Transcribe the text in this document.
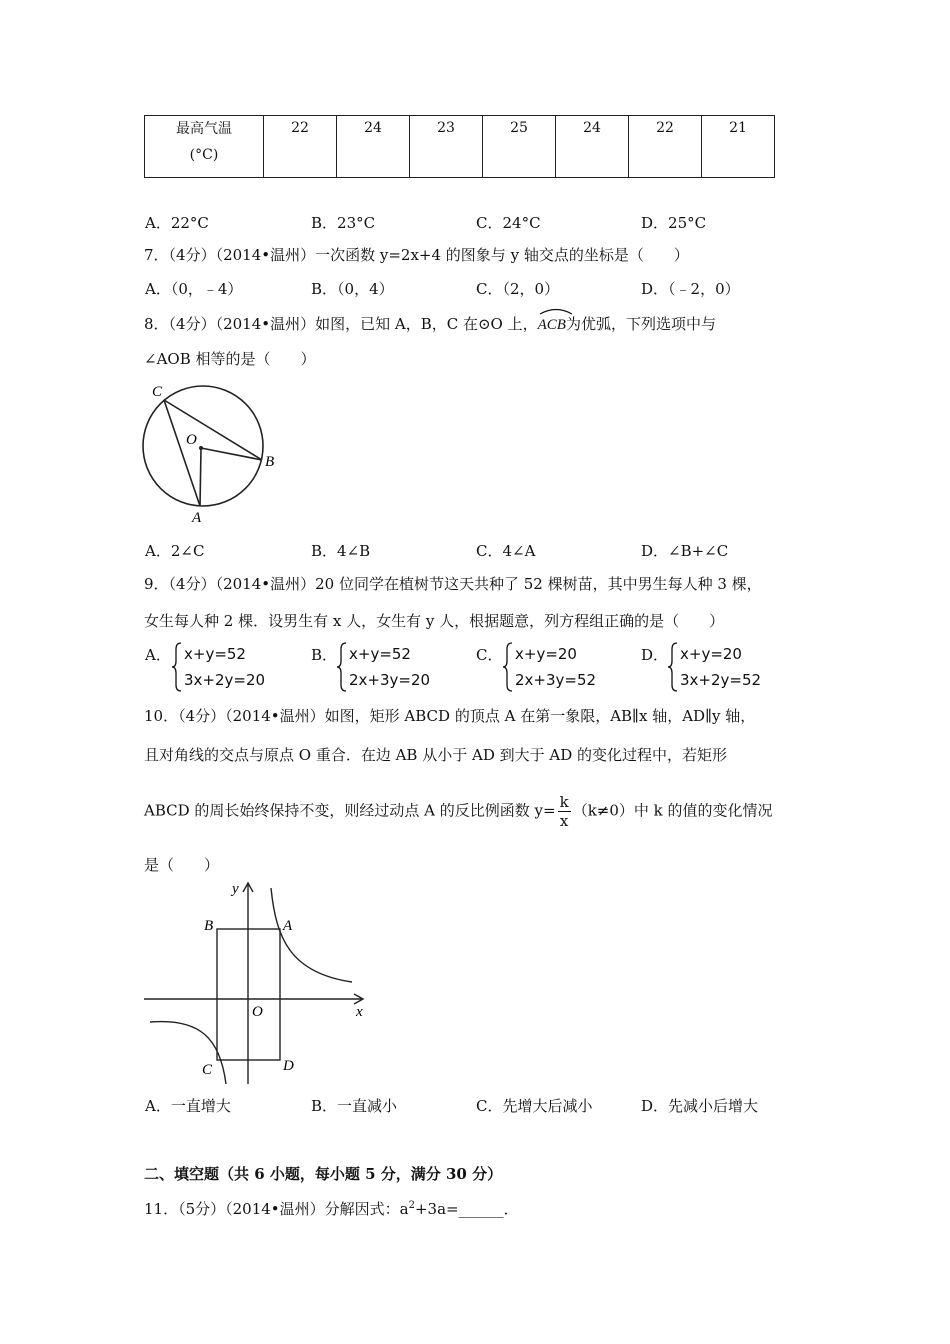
最高气温
(°C)
	22	24	23	25	24	22	21
A．22°C	B．23°C	C．24°C	D．25°C
7．（4分）（2014•温州）一次函数 y=2x+4 的图象与 y 轴交点的坐标是（　　）
A．（0，﹣4）	B．（0，4）	C．（2，0）	D．（﹣2，0）
8．（4分）（2014•温州）如图，已知 A，B，C 在⊙O 上，
ACB为优弧，下列选项中与
∠AOB 相等的是（　　）
C
O
B
A
A．2∠C	B．4∠B	C．4∠A	D．∠B+∠C
9．（4分）（2014•温州）20 位同学在植树节这天共种了 52 棵树苗，其中男生每人种 3 棵，
女生每人种 2 棵．设男生有 x 人，女生有 y 人，根据题意，列方程组正确的是（　　）
A． x+y=52
3x+2y=20
B． x+y=52
2x+3y=20
C． x+y=20
2x+3y=52
D． x+y=20
3x+2y=52
10．（4分）（2014•温州）如图，矩形 ABCD 的顶点 A 在第一象限，AB∥x 轴，AD∥y 轴，
且对角线的交点与原点 O 重合．在边 AB 从小于 AD 到大于 AD 的变化过程中，若矩形
ABCD 的周长始终保持不变，则经过动点 A 的反比例函数 $y= \frac{k}{x} (k\ne 0)$中 k 的值的变化情况
是（　　）
y
B	A
O	x
C	D
A．一直增大	B．一直减小	C．先增大后减小	D．先减小后增大
二、填空题（共 6 小题，每小题 5 分，满分 30 分）
11．（5分）（2014•温州）分解因式：$a^2+3a=\_\_\_\_\_\_$．
